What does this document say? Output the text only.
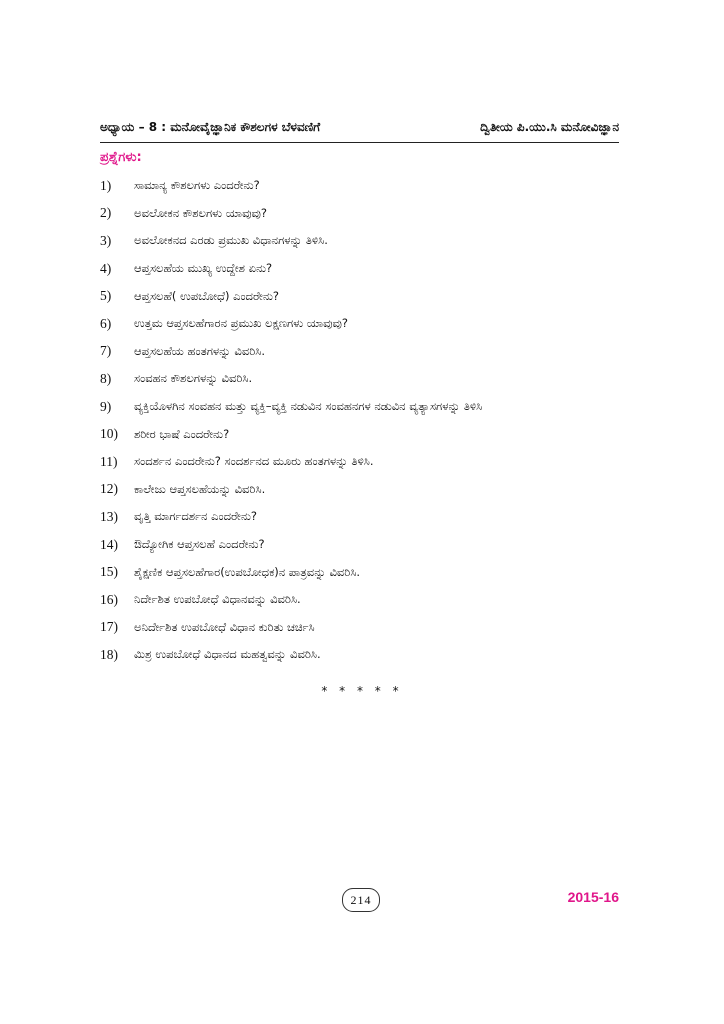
ಅಧ್ಯಾಯ – 8 : ಮನೋವೈಜ್ಞಾನಿಕ ಕೌಶಲಗಳ ಬೆಳವಣಿಗೆ	ದ್ವಿತೀಯ ಪಿ.ಯು.ಸಿ ಮನೋವಿಜ್ಞಾನ
ಪ್ರಶ್ನೆಗಳು:
1)	ಸಾಮಾನ್ಯ ಕೌಶಲಗಳು ಎಂದರೇನು?
2)	ಅವಲೋಕನ ಕೌಶಲಗಳು ಯಾವುವು?
3)	ಅವಲೋಕನದ ಎರಡು ಪ್ರಮುಖ ವಿಧಾನಗಳನ್ನು ತಿಳಿಸಿ.
4)	ಆಪ್ತಸಲಹೆಯ ಮುಖ್ಯ ಉದ್ದೇಶ ಏನು?
5)	ಆಪ್ತಸಲಹೆ( ಉಪಬೋಧೆ) ಎಂದರೇನು?
6)	ಉತ್ತಮ ಆಪ್ತಸಲಹೆಗಾರನ ಪ್ರಮುಖ ಲಕ್ಷಣಗಳು ಯಾವುವು?
7)	ಆಪ್ತಸಲಹೆಯ ಹಂತಗಳನ್ನು ವಿವರಿಸಿ.
8)	ಸಂವಹನ ಕೌಶಲಗಳನ್ನು ವಿವರಿಸಿ.
9)	ವ್ಯಕ್ತಿಯೊಳಗಿನ ಸಂವಹನ ಮತ್ತು ವ್ಯಕ್ತಿ–ವ್ಯಕ್ತಿ ನಡುವಿನ ಸಂವಹನಗಳ ನಡುವಿನ ವ್ಯತ್ಯಾಸಗಳನ್ನು ತಿಳಿಸಿ
10)	ಶರೀರ ಭಾಷೆ ಎಂದರೇನು?
11)	ಸಂದರ್ಶನ ಎಂದರೇನು? ಸಂದರ್ಶನದ ಮೂರು ಹಂತಗಳನ್ನು ತಿಳಿಸಿ.
12)	ಕಾಲೇಜು ಆಪ್ತಸಲಹೆಯನ್ನು ವಿವರಿಸಿ.
13)	ವೃತ್ತಿ ಮಾರ್ಗದರ್ಶನ ಎಂದರೇನು?
14)	ಔದ್ಯೋಗಿಕ ಆಪ್ತಸಲಹೆ ಎಂದರೇನು?
15)	ಶೈಕ್ಷಣಿಕ ಆಪ್ತಸಲಹೆಗಾರ(ಉಪಬೋಧಕ)ನ ಪಾತ್ರವನ್ನು ವಿವರಿಸಿ.
16)	ನಿರ್ದೇಶಿತ ಉಪಬೋಧೆ ವಿಧಾನವನ್ನು ವಿವರಿಸಿ.
17)	ಅನಿರ್ದೇಶಿತ ಉಪಬೋಧೆ ವಿಧಾನ ಕುರಿತು ಚರ್ಚಿಸಿ
18)	ಮಿಶ್ರ ಉಪಬೋಧೆ ವಿಧಾನದ ಮಹತ್ವವನ್ನು ವಿವರಿಸಿ.
* * * * *
214	2015-16
